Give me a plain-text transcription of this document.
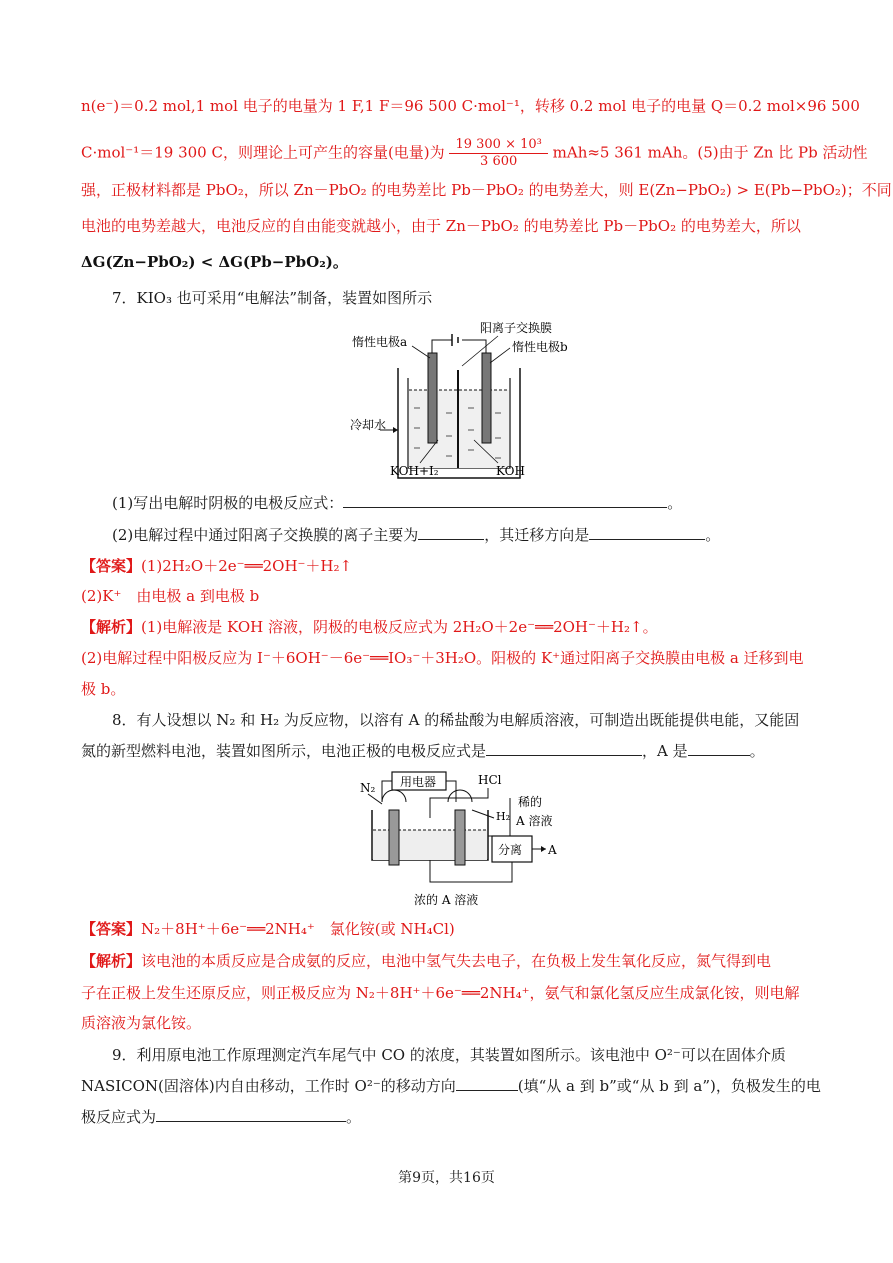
n(e⁻)＝0.2 mol,1 mol 电子的电量为 1 F,1 F＝96 500 C·mol⁻¹，转移 0.2 mol 电子的电量 Q＝0.2 mol×96 500
C·mol⁻¹＝19 300 C，则理论上可产生的容量(电量)为 $\frac{\text{19 300 × 10³}}{3 600} mAh\approx 5$ 361 mAh。(5)由于 Zn 比 Pb 活动性
强，正极材料都是 PbO₂，所以 Zn－PbO₂ 的电势差比 Pb－PbO₂ 的电势差大，则 E(Zn−PbO₂) > E(Pb−PbO₂)；不同
电池的电势差越大，电池反应的自由能变就越小，由于 Zn－PbO₂ 的电势差比 Pb－PbO₂ 的电势差大，所以
ΔG(Zn−PbO₂) < ΔG(Pb−PbO₂)。
7．KIO₃ 也可采用“电解法”制备，装置如图所示
惰性电极a
阳离子交换膜
惰性电极b
冷却水
KOH+I₂	KOH
(1)写出电解时阴极的电极反应式：	。
(2)电解过程中通过阳离子交换膜的离子主要为	，其迁移方向是	。
【答案】(1)2H₂O＋2e⁻══2OH⁻＋H₂↑
(2)K⁺　由电极 a 到电极 b
【解析】(1)电解液是 KOH 溶液，阴极的电极反应式为 2H₂O＋2e⁻══2OH⁻＋H₂↑。
(2)电解过程中阳极反应为 I⁻＋6OH⁻－6e⁻══IO₃⁻＋3H₂O。阳极的 K⁺通过阳离子交换膜由电极 a 迁移到电
极 b。
8．有人设想以 N₂ 和 H₂ 为反应物，以溶有 A 的稀盐酸为电解质溶液，可制造出既能提供电能，又能固
氮的新型燃料电池，装置如图所示，电池正极的电极反应式是	，A 是	。
用电器
N₂
HCl
H₂
稀的
A 溶液
分离 A
浓的 A 溶液
【答案】N₂＋8H⁺＋6e⁻══2NH₄⁺　氯化铵(或 NH₄Cl)
【解析】该电池的本质反应是合成氨的反应，电池中氢气失去电子，在负极上发生氧化反应，氮气得到电
子在正极上发生还原反应，则正极反应为 N₂＋8H⁺＋6e⁻══2NH₄⁺，氨气和氯化氢反应生成氯化铵，则电解
质溶液为氯化铵。
9．利用原电池工作原理测定汽车尾气中 CO 的浓度，其装置如图所示。该电池中 O²⁻可以在固体介质
NASICON(固溶体)内自由移动，工作时 O²⁻的移动方向	(填“从 a 到 b”或“从 b 到 a”)，负极发生的电
极反应式为	。
第9页，共16页
